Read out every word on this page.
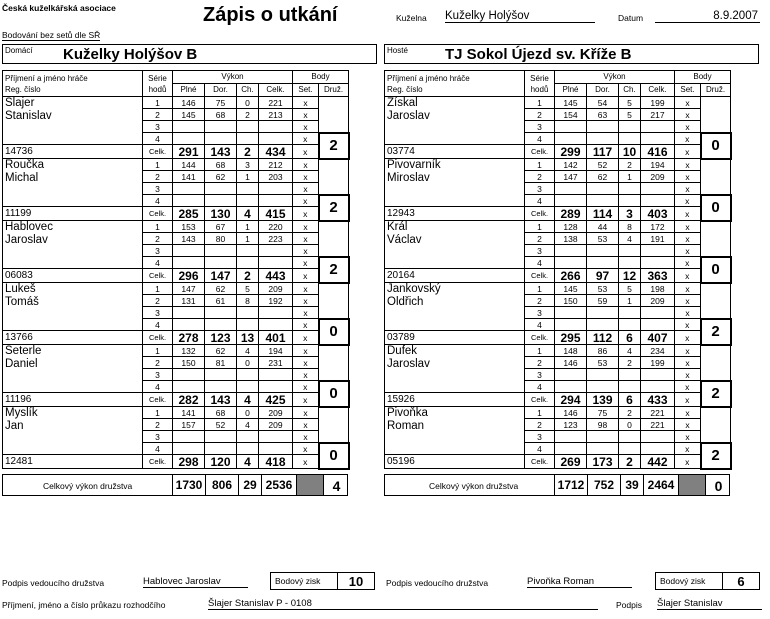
Česká kuželkářská asociace	Zápis o utkání
Bodování bez setů dle SŘ
Kuželna Kuželky Holýšov	Datum	8.9.2007
Domácí Kuželky Holýšov B
Příjmení a jméno hráče
Reg. číslo	Série
hodů	Výkon				Body	
		Plné	Dor.	Ch.	Celk.	Set.	Druž.
Šlajer	1	146	75	0	221	x	
Stanislav	2	145	68	2	213	x	
	3					x	
	4					x	2
14736	Celk.	291	143	2	434	x	
Roučka	1	144	68	3	212	x	
Michal	2	141	62	1	203	x	
	3					x	
	4					x	2
11199	Celk.	285	130	4	415	x	
Hablovec	1	153	67	1	220	x	
Jaroslav	2	143	80	1	223	x	
	3					x	
	4					x	2
06083	Celk.	296	147	2	443	x	
Lukeš	1	147	62	5	209	x	
Tomáš	2	131	61	8	192	x	
	3					x	
	4					x	0
13766	Celk.	278	123	13	401	x	
Šeterle	1	132	62	4	194	x	
Daniel	2	150	81	0	231	x	
	3					x	
	4					x	0
11196	Celk.	282	143	4	425	x	
Myslík	1	141	68	0	209	x	
Jan	2	157	52	4	209	x	
	3					x	
	4					x	0
12481	Celk.	298	120	4	418	x	
Celkový výkon družstva	1730 806 29 2536	4
Hosté TJ Sokol Újezd sv. Kříže B
Příjmení a jméno hráče
Reg. číslo	Série
hodů	Výkon				Body	
		Plné	Dor.	Ch.	Celk.	Set.	Druž.
Získal	1	145	54	5	199	x	
Jaroslav	2	154	63	5	217	x	
	3					x	
	4					x	0
03774	Celk.	299	117	10	416	x	
Pivovarník	1	142	52	2	194	x	
Miroslav	2	147	62	1	209	x	
	3					x	
	4					x	0
12943	Celk.	289	114	3	403	x	
Král	1	128	44	8	172	x	
Václav	2	138	53	4	191	x	
	3					x	
	4					x	0
20164	Celk.	266	97	12	363	x	
Jankovský	1	145	53	5	198	x	
Oldřich	2	150	59	1	209	x	
	3					x	
	4					x	2
03789	Celk.	295	112	6	407	x	
Dufek	1	148	86	4	234	x	
Jaroslav	2	146	53	2	199	x	
	3					x	
	4					x	2
15926	Celk.	294	139	6	433	x	
Pivoňka	1	146	75	2	221	x	
Roman	2	123	98	0	221	x	
	3					x	
	4					x	2
05196	Celk.	269	173	2	442	x	
Celkový výkon družstva	1712 752 39 2464	0
Podpis vedoucího družstva	Hablovec Jaroslav	Bodový zisk	10	Podpis vedoucího družstva	Pivoňka Roman	Bodový zisk	6
Příjmení, jméno a číslo průkazu rozhodčího	Šlajer Stanislav P - 0108	Podpis Šlajer Stanislav
